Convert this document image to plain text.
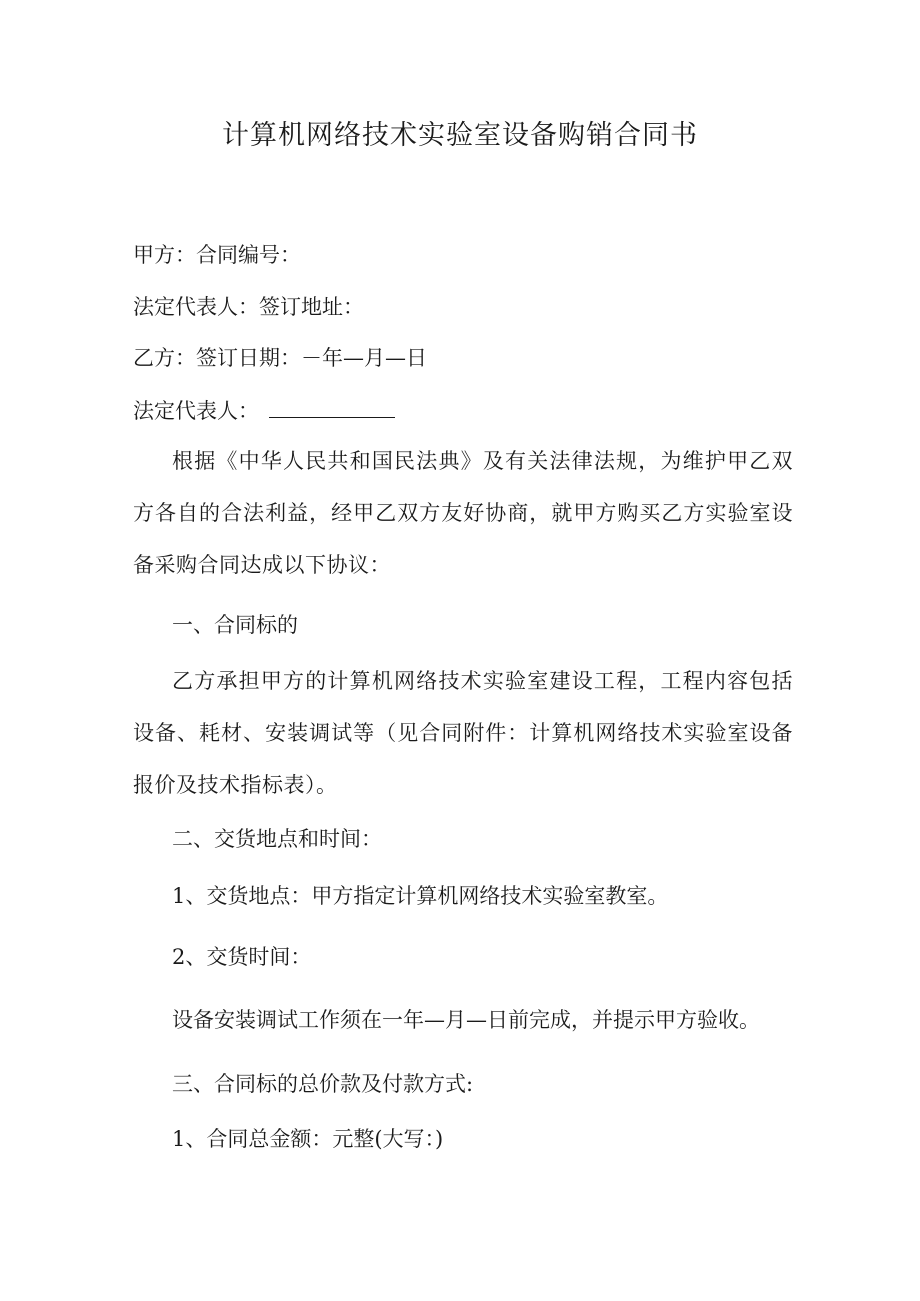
计算机网络技术实验室设备购销合同书

甲方：合同编号：

法定代表人：签订地址：

乙方：签订日期：－年—月—日

法定代表人：

根据《中华人民共和国民法典》及有关法律法规，为维护甲乙双方各自的合法利益，经甲乙双方友好协商，就甲方购买乙方实验室设备采购合同达成以下协议：

一、合同标的

乙方承担甲方的计算机网络技术实验室建设工程，工程内容包括设备、耗材、安装调试等（见合同附件：计算机网络技术实验室设备报价及技术指标表）。

二、交货地点和时间：

1、交货地点：甲方指定计算机网络技术实验室教室。

2、交货时间：

设备安装调试工作须在一年—月—日前完成，并提示甲方验收。

三、合同标的总价款及付款方式:

1、合同总金额：元整(大写：)
